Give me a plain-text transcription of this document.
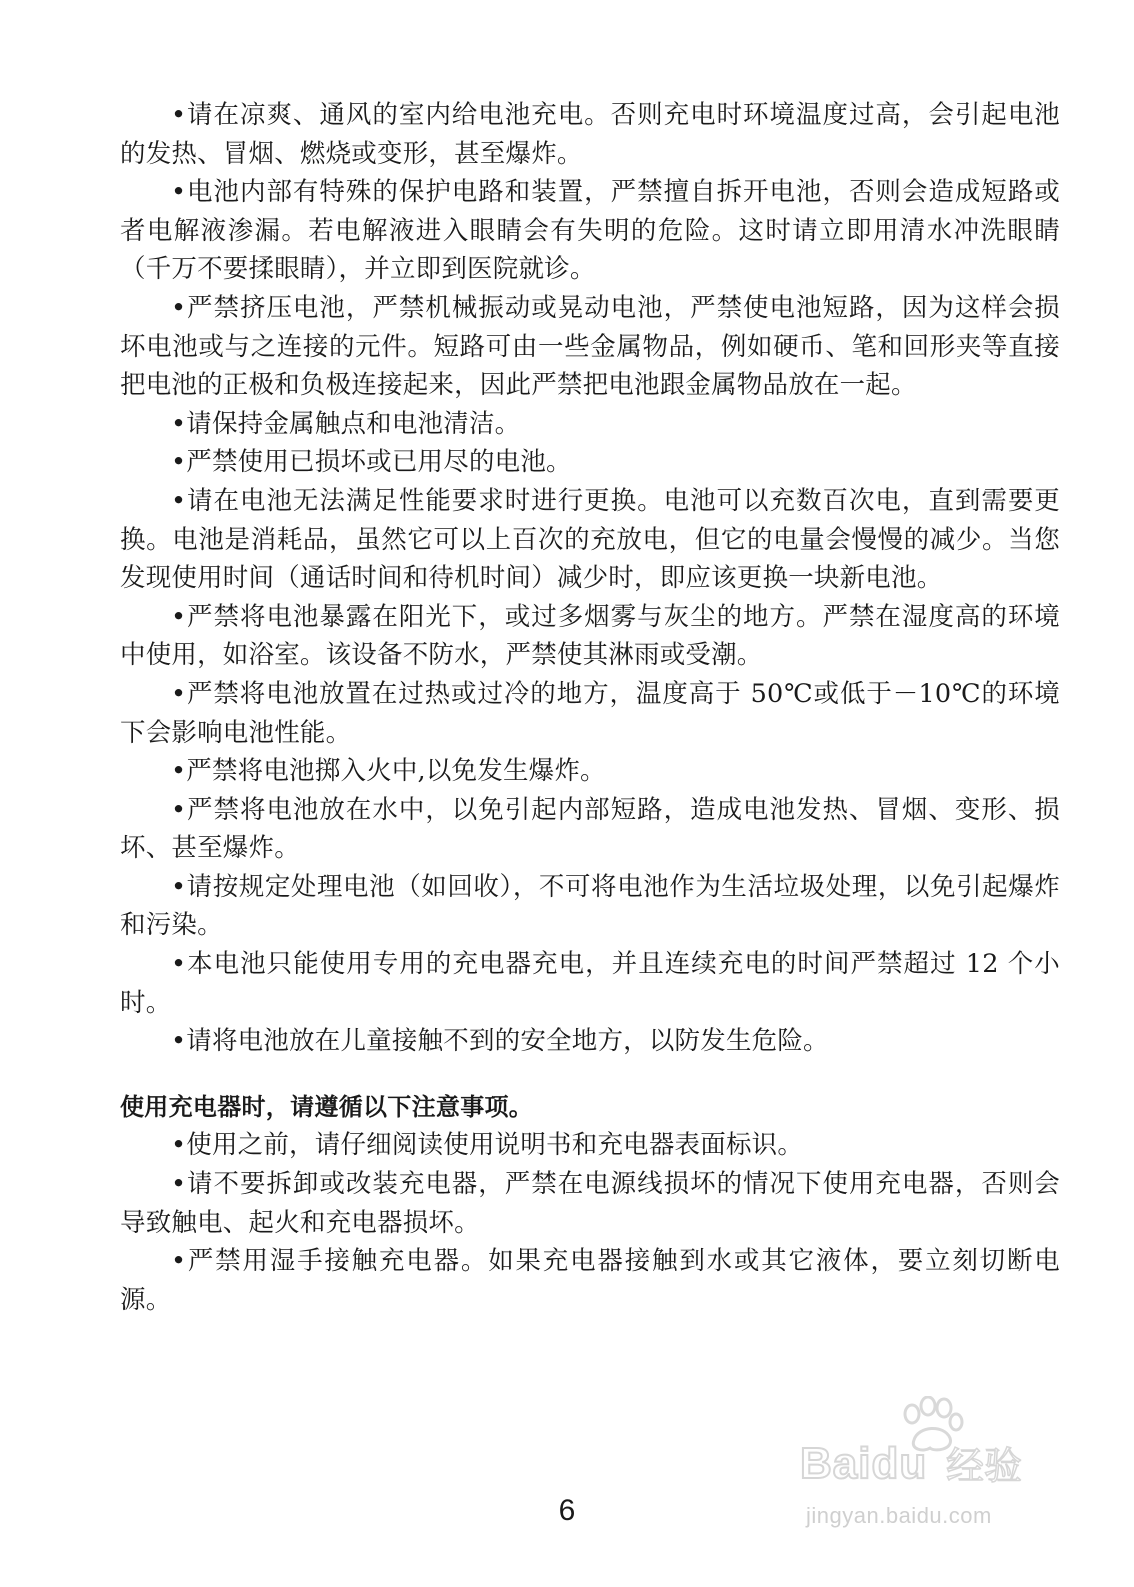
•请在凉爽、通风的室内给电池充电。否则充电时环境温度过高，会引起电池的发热、冒烟、燃烧或变形，甚至爆炸。

•电池内部有特殊的保护电路和装置，严禁擅自拆开电池，否则会造成短路或者电解液渗漏。若电解液进入眼睛会有失明的危险。这时请立即用清水冲洗眼睛（千万不要揉眼睛），并立即到医院就诊。

•严禁挤压电池，严禁机械振动或晃动电池，严禁使电池短路，因为这样会损坏电池或与之连接的元件。短路可由一些金属物品，例如硬币、笔和回形夹等直接把电池的正极和负极连接起来，因此严禁把电池跟金属物品放在一起。

•请保持金属触点和电池清洁。

•严禁使用已损坏或已用尽的电池。

•请在电池无法满足性能要求时进行更换。电池可以充数百次电，直到需要更换。电池是消耗品，虽然它可以上百次的充放电，但它的电量会慢慢的减少。当您发现使用时间（通话时间和待机时间）减少时，即应该更换一块新电池。

•严禁将电池暴露在阳光下，或过多烟雾与灰尘的地方。严禁在湿度高的环境中使用，如浴室。该设备不防水，严禁使其淋雨或受潮。

•严禁将电池放置在过热或过冷的地方，温度高于 50℃或低于－10℃的环境下会影响电池性能。

•严禁将电池掷入火中,以免发生爆炸。

•严禁将电池放在水中，以免引起内部短路，造成电池发热、冒烟、变形、损坏、甚至爆炸。

•请按规定处理电池（如回收），不可将电池作为生活垃圾处理，以免引起爆炸和污染。

•本电池只能使用专用的充电器充电，并且连续充电的时间严禁超过 12 个小时。

•请将电池放在儿童接触不到的安全地方，以防发生危险。

使用充电器时，请遵循以下注意事项。

•使用之前，请仔细阅读使用说明书和充电器表面标识。

•请不要拆卸或改装充电器，严禁在电源线损坏的情况下使用充电器，否则会导致触电、起火和充电器损坏。

•严禁用湿手接触充电器。如果充电器接触到水或其它液体，要立刻切断电源。

Baidu 经验
jingyan.baidu.com
6
